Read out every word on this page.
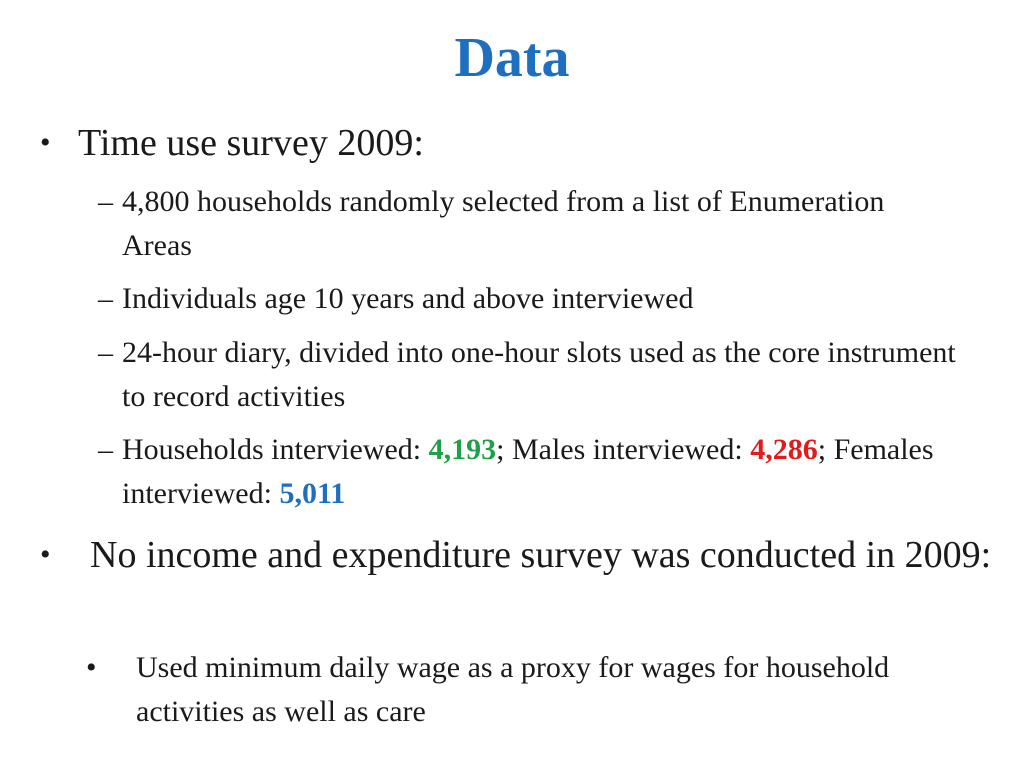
Data
• Time use survey 2009:
– 4,800 households randomly selected from a list of Enumeration Areas
– Individuals age 10 years and above interviewed
– 24-hour diary, divided into one-hour slots used as the core instrument to record activities
– Households interviewed: 4,193; Males interviewed: 4,286; Females interviewed: 5,011
•	No income and expenditure survey was conducted in 2009:
•	Used minimum daily wage as a proxy for wages for household activities as well as care
